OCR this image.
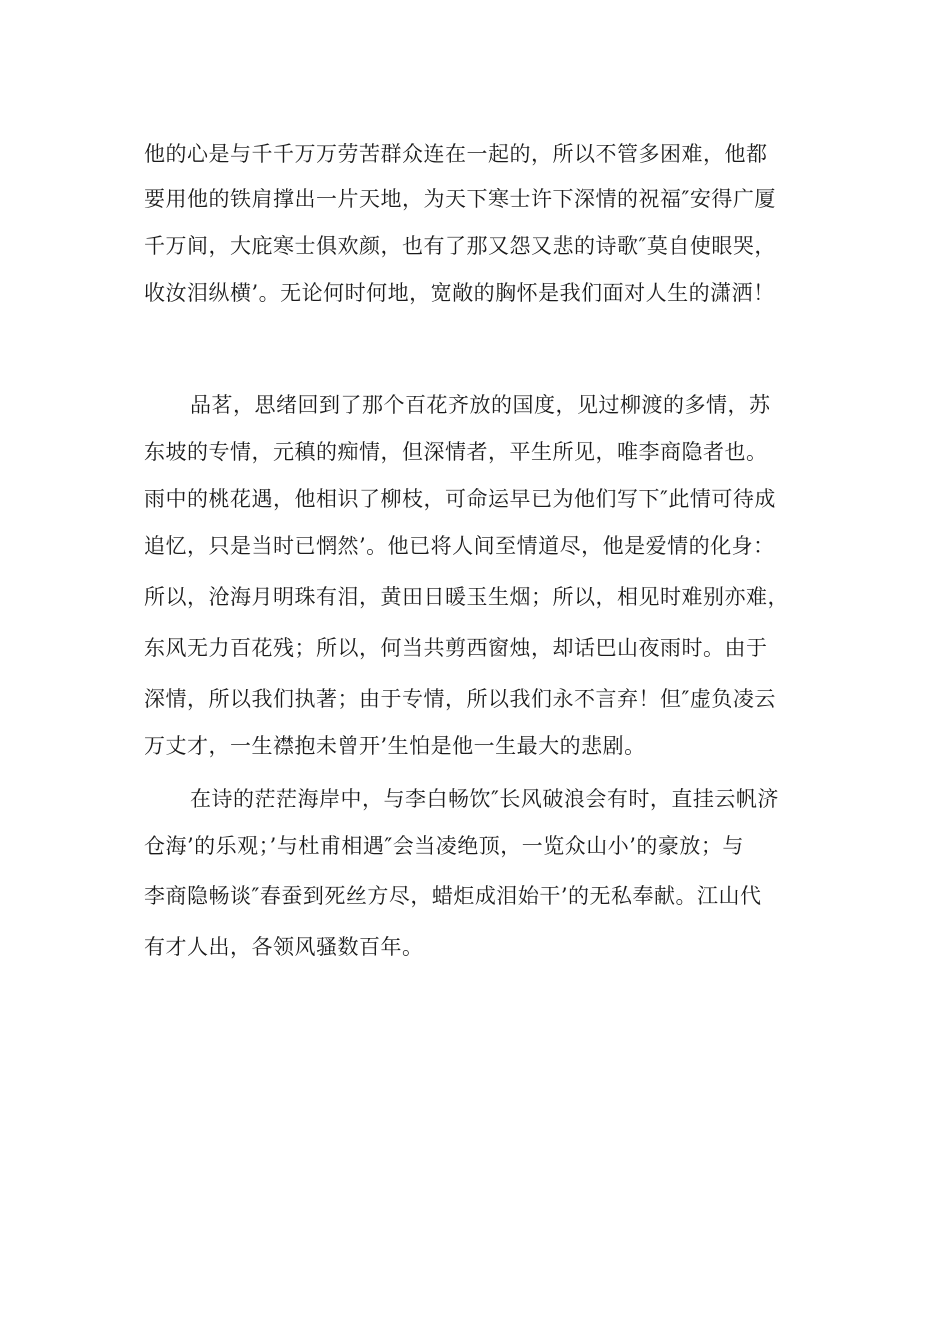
他的心是与千千万万劳苦群众连在一起的，所以不管多困难，他都
要用他的铁肩撑出一片天地，为天下寒士许下深情的祝福″安得广厦
千万间，大庇寒士俱欢颜，也有了那又怨又悲的诗歌″莫自使眼哭，
收汝泪纵横’。无论何时何地，宽敞的胸怀是我们面对人生的潇洒！
品茗，思绪回到了那个百花齐放的国度，见过柳渡的多情，苏
东坡的专情，元稹的痴情，但深情者，平生所见，唯李商隐者也。
雨中的桃花遇，他相识了柳枝，可命运早已为他们写下″此情可待成
追忆，只是当时已惘然’。他已将人间至情道尽，他是爱情的化身：
所以，沧海月明珠有泪，黄田日暖玉生烟；所以，相见时难别亦难，
东风无力百花残；所以，何当共剪西窗烛，却话巴山夜雨时。由于
深情，所以我们执著；由于专情，所以我们永不言弃！但″虚负凌云
万丈才，一生襟抱未曾开’生怕是他一生最大的悲剧。
在诗的茫茫海岸中，与李白畅饮″长风破浪会有时，直挂云帆济
仓海’的乐观；’与杜甫相遇″会当凌绝顶，一览众山小’的豪放；与
李商隐畅谈″春蚕到死丝方尽，蜡炬成泪始干’的无私奉献。江山代
有才人出，各领风骚数百年。
